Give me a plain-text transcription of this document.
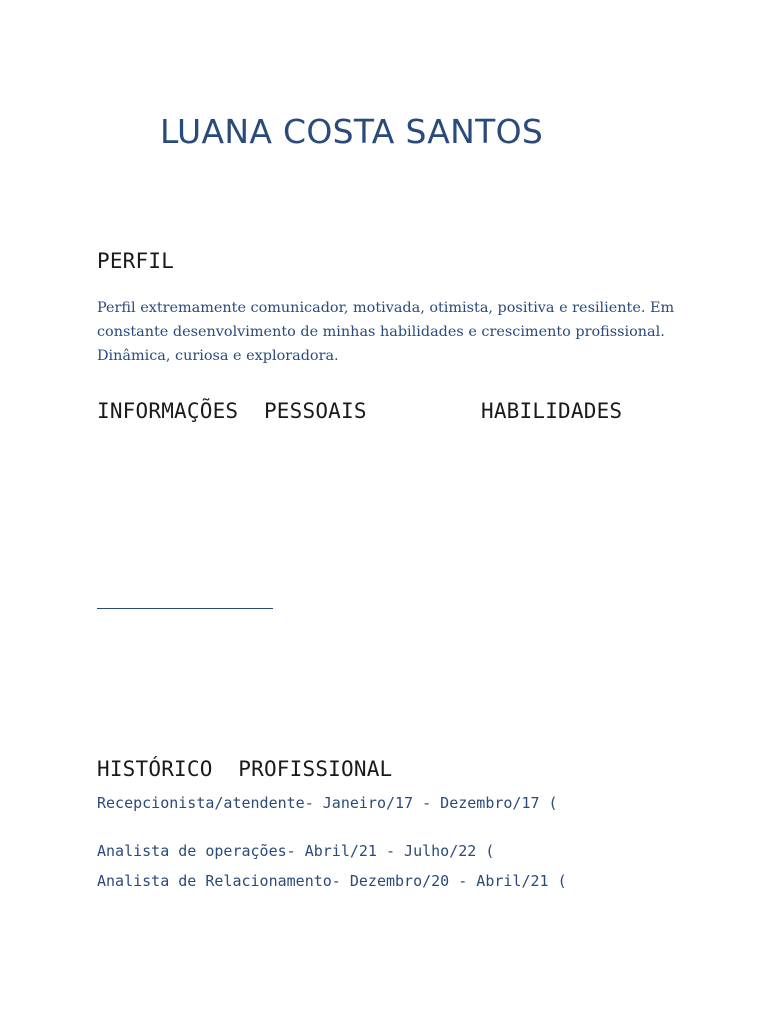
LUANA COSTA SANTOS
PERFIL
Perfil extremamente comunicador, motivada, otimista, positiva e resiliente. Em
constante desenvolvimento de minhas habilidades e crescimento profissional.
Dinâmica, curiosa e exploradora.
INFORMAÇÕES  PESSOAIS	HABILIDADES
HISTÓRICO  PROFISSIONAL

Recepcionista/atendente- Janeiro/17 - Dezembro/17 (

Analista de operações- Abril/21 - Julho/22 (

Analista de Relacionamento- Dezembro/20 - Abril/21 (
